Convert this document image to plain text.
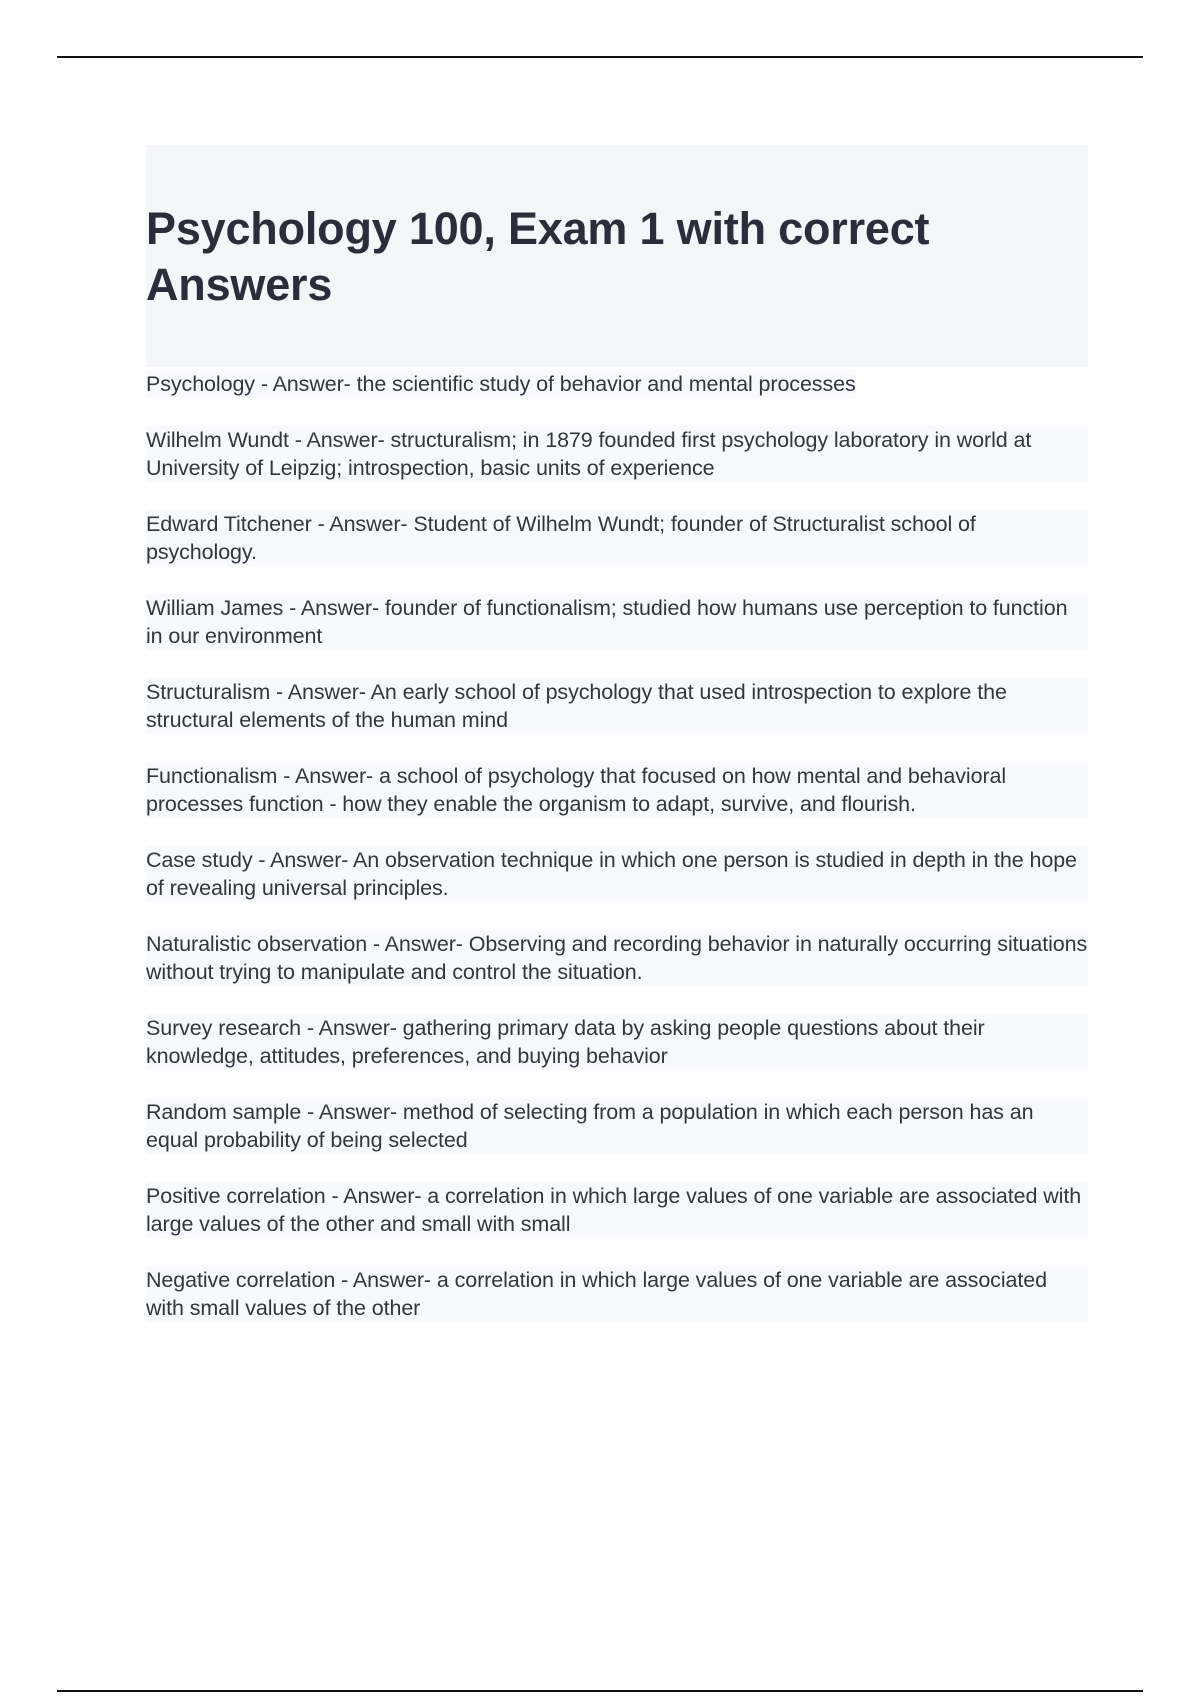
Psychology 100, Exam 1 with correct Answers
Psychology - Answer- the scientific study of behavior and mental processes
Wilhelm Wundt - Answer- structuralism; in 1879 founded first psychology laboratory in world at University of Leipzig; introspection, basic units of experience
Edward Titchener - Answer- Student of Wilhelm Wundt; founder of Structuralist school of psychology.
William James - Answer- founder of functionalism; studied how humans use perception to function in our environment
Structuralism - Answer- An early school of psychology that used introspection to explore the structural elements of the human mind
Functionalism - Answer- a school of psychology that focused on how mental and behavioral processes function - how they enable the organism to adapt, survive, and flourish.
Case study - Answer- An observation technique in which one person is studied in depth in the hope of revealing universal principles.
Naturalistic observation - Answer- Observing and recording behavior in naturally occurring situations without trying to manipulate and control the situation.
Survey research - Answer- gathering primary data by asking people questions about their knowledge, attitudes, preferences, and buying behavior
Random sample - Answer- method of selecting from a population in which each person has an equal probability of being selected
Positive correlation - Answer- a correlation in which large values of one variable are associated with large values of the other and small with small
Negative correlation - Answer- a correlation in which large values of one variable are associated with small values of the other
